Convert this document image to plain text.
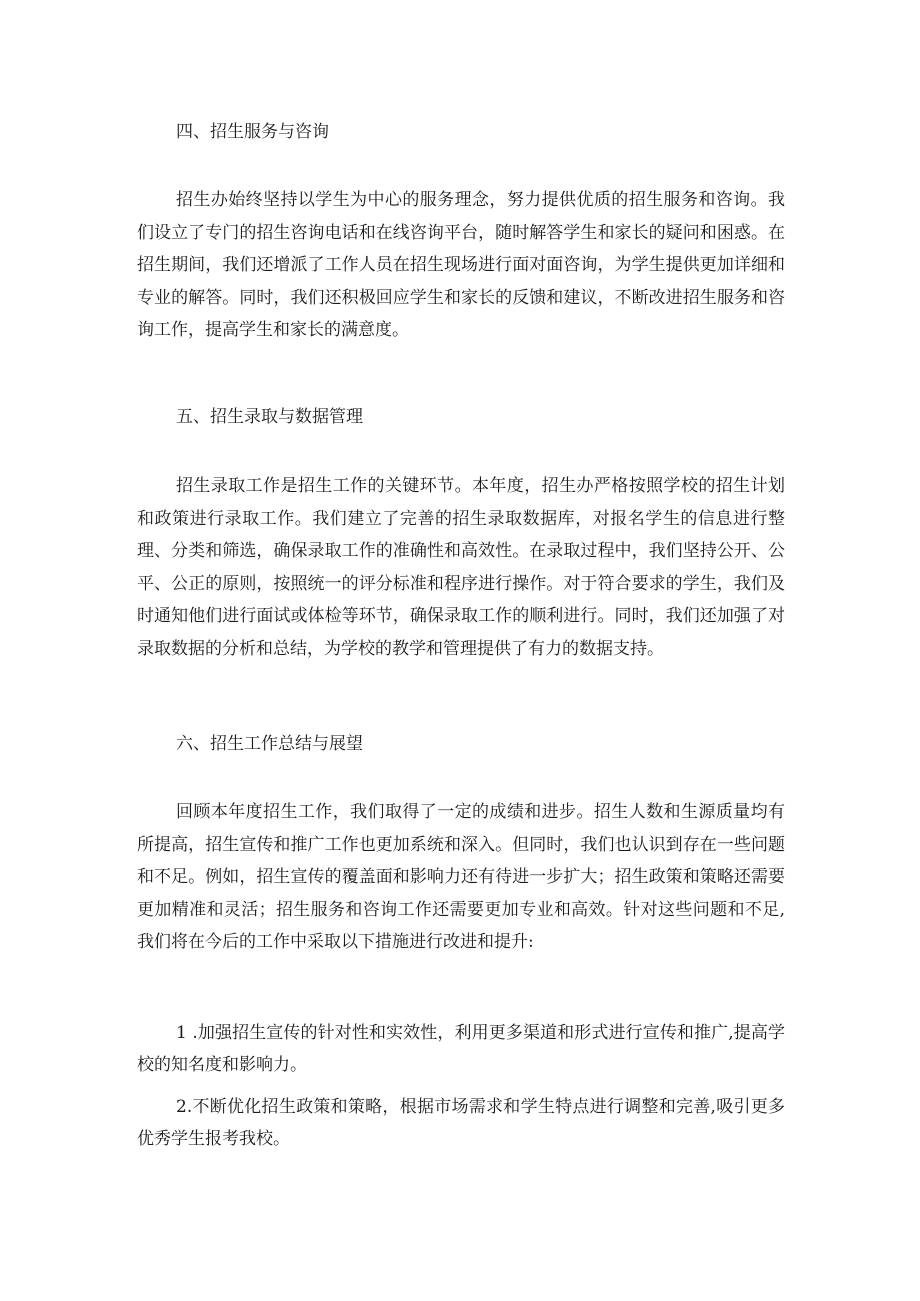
四、招生服务与咨询

招生办始终坚持以学生为中心的服务理念，努力提供优质的招生服务和咨询。我们设立了专门的招生咨询电话和在线咨询平台，随时解答学生和家长的疑问和困惑。在招生期间，我们还增派了工作人员在招生现场进行面对面咨询，为学生提供更加详细和专业的解答。同时，我们还积极回应学生和家长的反馈和建议，不断改进招生服务和咨询工作，提高学生和家长的满意度。

五、招生录取与数据管理

招生录取工作是招生工作的关键环节。本年度，招生办严格按照学校的招生计划和政策进行录取工作。我们建立了完善的招生录取数据库，对报名学生的信息进行整理、分类和筛选，确保录取工作的准确性和高效性。在录取过程中，我们坚持公开、公平、公正的原则，按照统一的评分标准和程序进行操作。对于符合要求的学生，我们及时通知他们进行面试或体检等环节，确保录取工作的顺利进行。同时，我们还加强了对录取数据的分析和总结，为学校的教学和管理提供了有力的数据支持。

六、招生工作总结与展望

回顾本年度招生工作，我们取得了一定的成绩和进步。招生人数和生源质量均有所提高，招生宣传和推广工作也更加系统和深入。但同时，我们也认识到存在一些问题和不足。例如，招生宣传的覆盖面和影响力还有待进一步扩大；招生政策和策略还需要更加精准和灵活；招生服务和咨询工作还需要更加专业和高效。针对这些问题和不足,我们将在今后的工作中采取以下措施进行改进和提升:

1 .加强招生宣传的针对性和实效性，利用更多渠道和形式进行宣传和推广,提高学校的知名度和影响力。

2.不断优化招生政策和策略，根据市场需求和学生特点进行调整和完善,吸引更多优秀学生报考我校。
